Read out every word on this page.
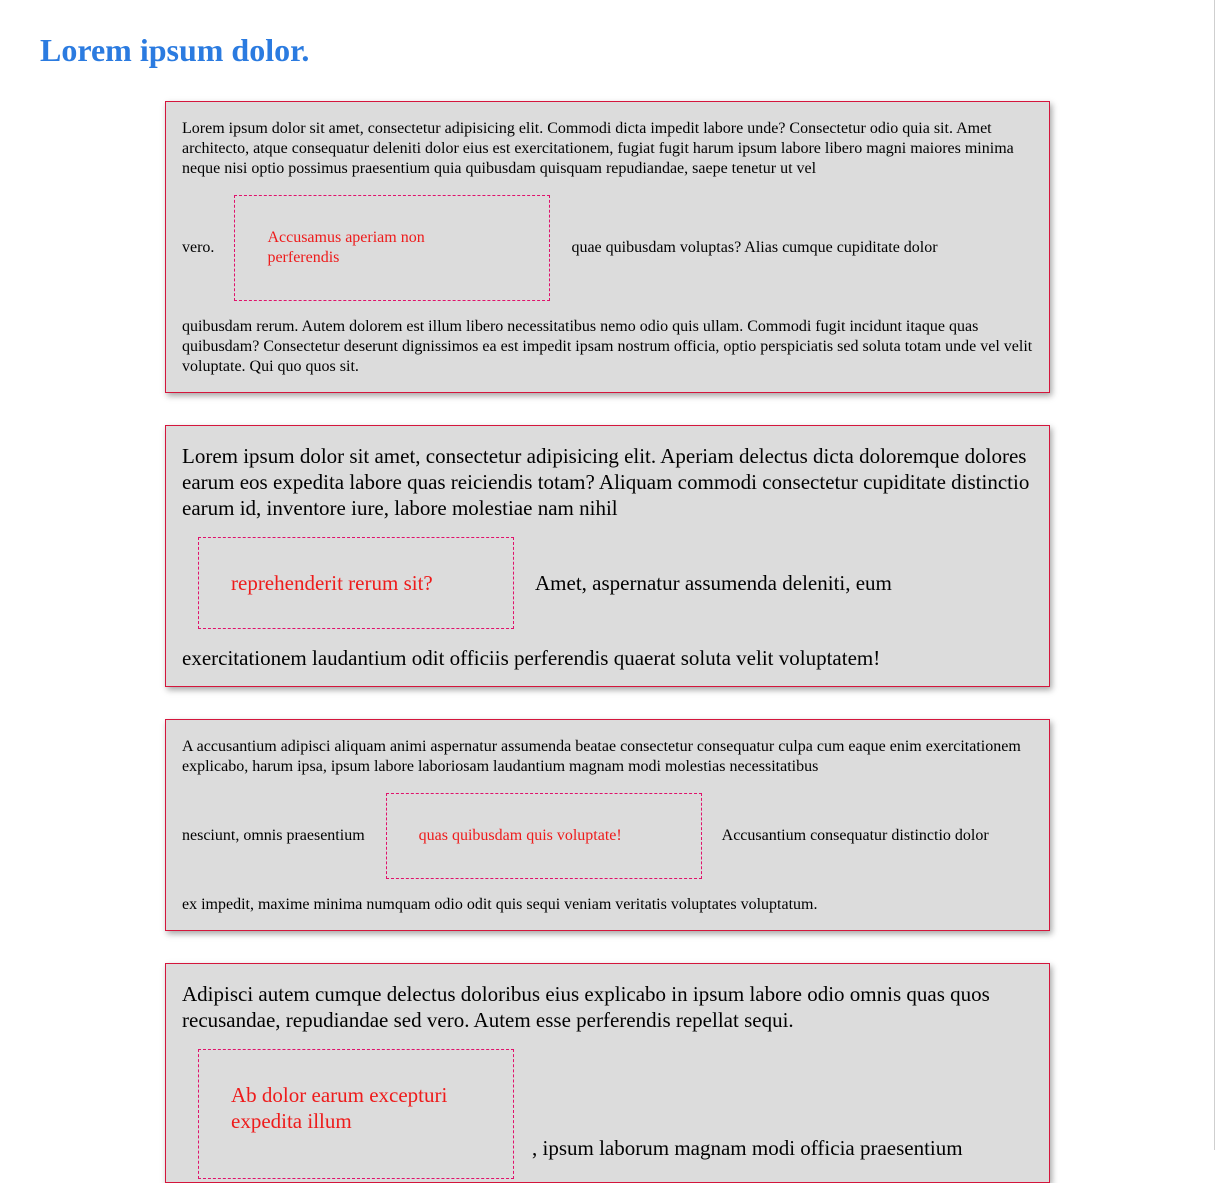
Lorem ipsum dolor.

Lorem ipsum dolor sit amet, consectetur adipisicing elit. Commodi dicta impedit labore unde? Consectetur odio quia sit. Amet architecto, atque consequatur deleniti dolor eius est exercitationem, fugiat fugit harum ipsum labore libero magni maiores minima neque nisi optio possimus praesentium quia quibusdam quisquam repudiandae, saepe tenetur ut vel

vero.
Accusamus aperiam non perferendis
quae quibusdam voluptas? Alias cumque cupiditate dolor

quibusdam rerum. Autem dolorem est illum libero necessitatibus nemo odio quis ullam. Commodi fugit incidunt itaque quas quibusdam? Consectetur deserunt dignissimos ea est impedit ipsam nostrum officia, optio perspiciatis sed soluta totam unde vel velit voluptate. Qui quo quos sit.

Lorem ipsum dolor sit amet, consectetur adipisicing elit. Aperiam delectus dicta doloremque dolores earum eos expedita labore quas reiciendis totam? Aliquam commodi consectetur cupiditate distinctio earum id, inventore iure, labore molestiae nam nihil

reprehenderit rerum sit?	Amet, aspernatur assumenda deleniti, eum

exercitationem laudantium odit officiis perferendis quaerat soluta velit voluptatem!

A accusantium adipisci aliquam animi aspernatur assumenda beatae consectetur consequatur culpa cum eaque enim exercitationem explicabo, harum ipsa, ipsum labore laboriosam laudantium magnam modi molestias necessitatibus

nesciunt, omnis praesentium	quas quibusdam quis voluptate!	Accusantium consequatur distinctio dolor

ex impedit, maxime minima numquam odio odit quis sequi veniam veritatis voluptates voluptatum.

Adipisci autem cumque delectus doloribus eius explicabo in ipsum labore odio omnis quas quos recusandae, repudiandae sed vero. Autem esse perferendis repellat sequi.

Ab dolor earum excepturi
expedita illum
, ipsum laborum magnam modi officia praesentium
